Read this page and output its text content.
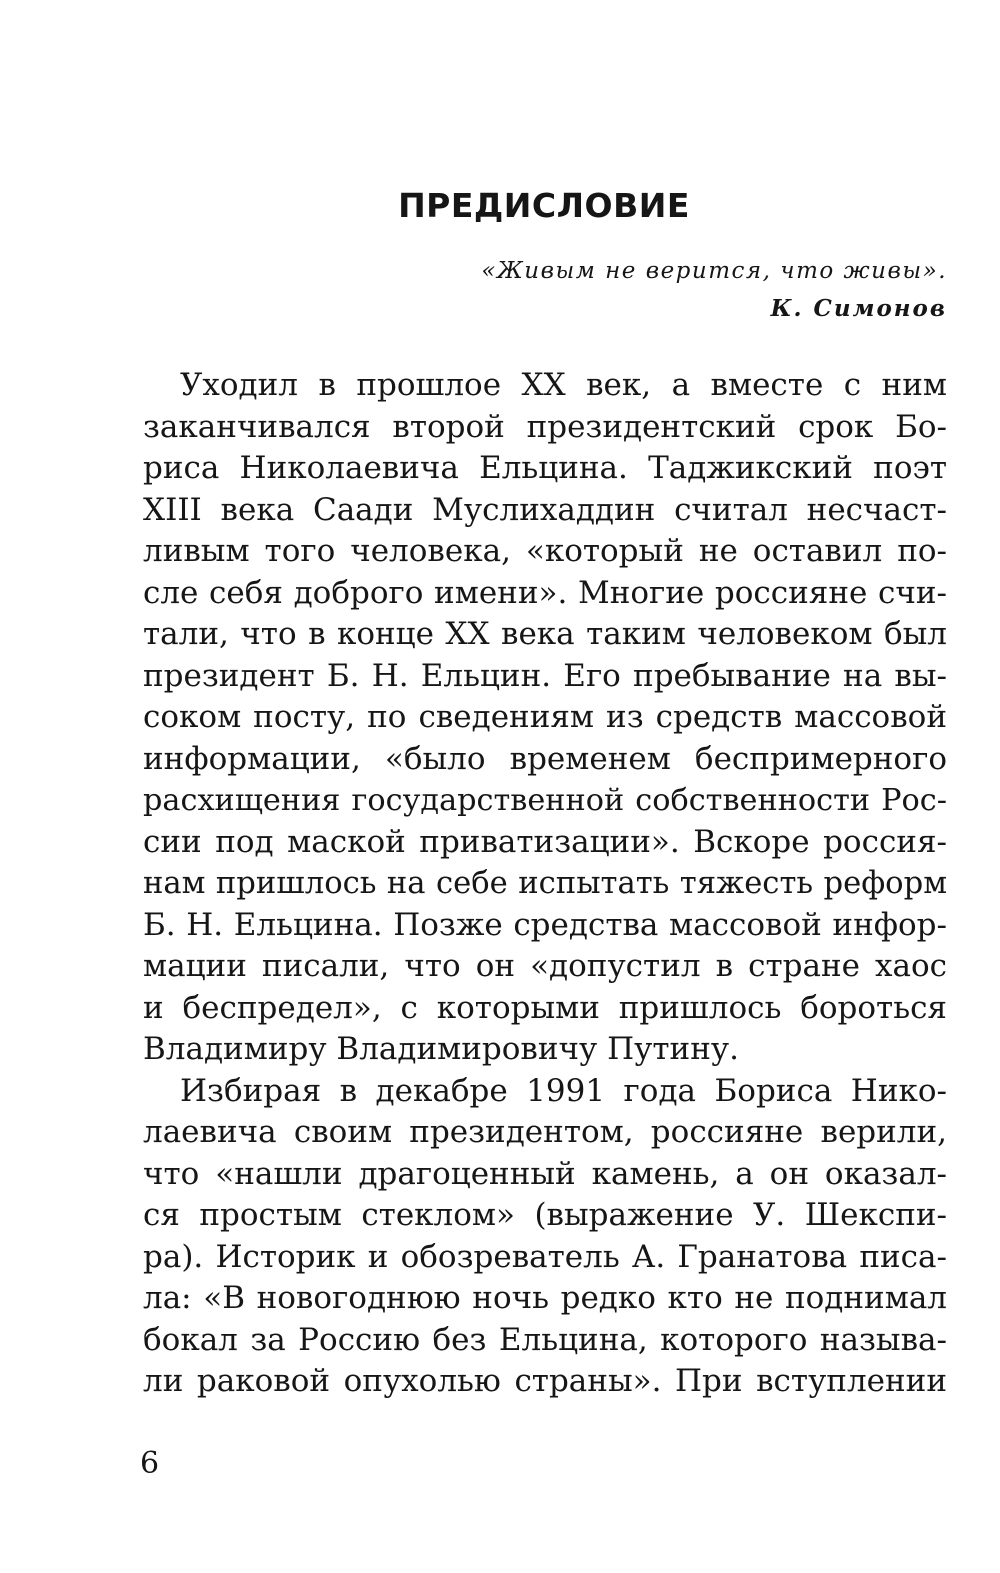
ПРЕДИСЛОВИЕ
«Живым не верится, что живы».
К. Симонов
Уходил в прошлое XX век, а вместе с ним
заканчивался второй президентский срок Бо-
риса Николаевича Ельцина. Таджикский поэт
XIII века Саади Муслихаддин считал несчаст-
ливым того человека, «который не оставил по-
сле себя доброго имени». Многие россияне счи-
тали, что в конце XX века таким человеком был
президент Б. Н. Ельцин. Его пребывание на вы-
соком посту, по сведениям из средств массовой
информации, «было временем беспримерного
расхищения государственной собственности Рос-
сии под маской приватизации». Вскоре россия-
нам пришлось на себе испытать тяжесть реформ
Б. Н. Ельцина. Позже средства массовой инфор-
мации писали, что он «допустил в стране хаос
и беспредел», с которыми пришлось бороться
Владимиру Владимировичу Путину.
Избирая в декабре 1991 года Бориса Нико-
лаевича своим президентом, россияне верили,
что «нашли драгоценный камень, а он оказал-
ся простым стеклом» (выражение У. Шекспи-
ра). Историк и обозреватель А. Гранатова писа-
ла: «В новогоднюю ночь редко кто не поднимал
бокал за Россию без Ельцина, которого называ-
ли раковой опухолью страны». При вступлении
6
